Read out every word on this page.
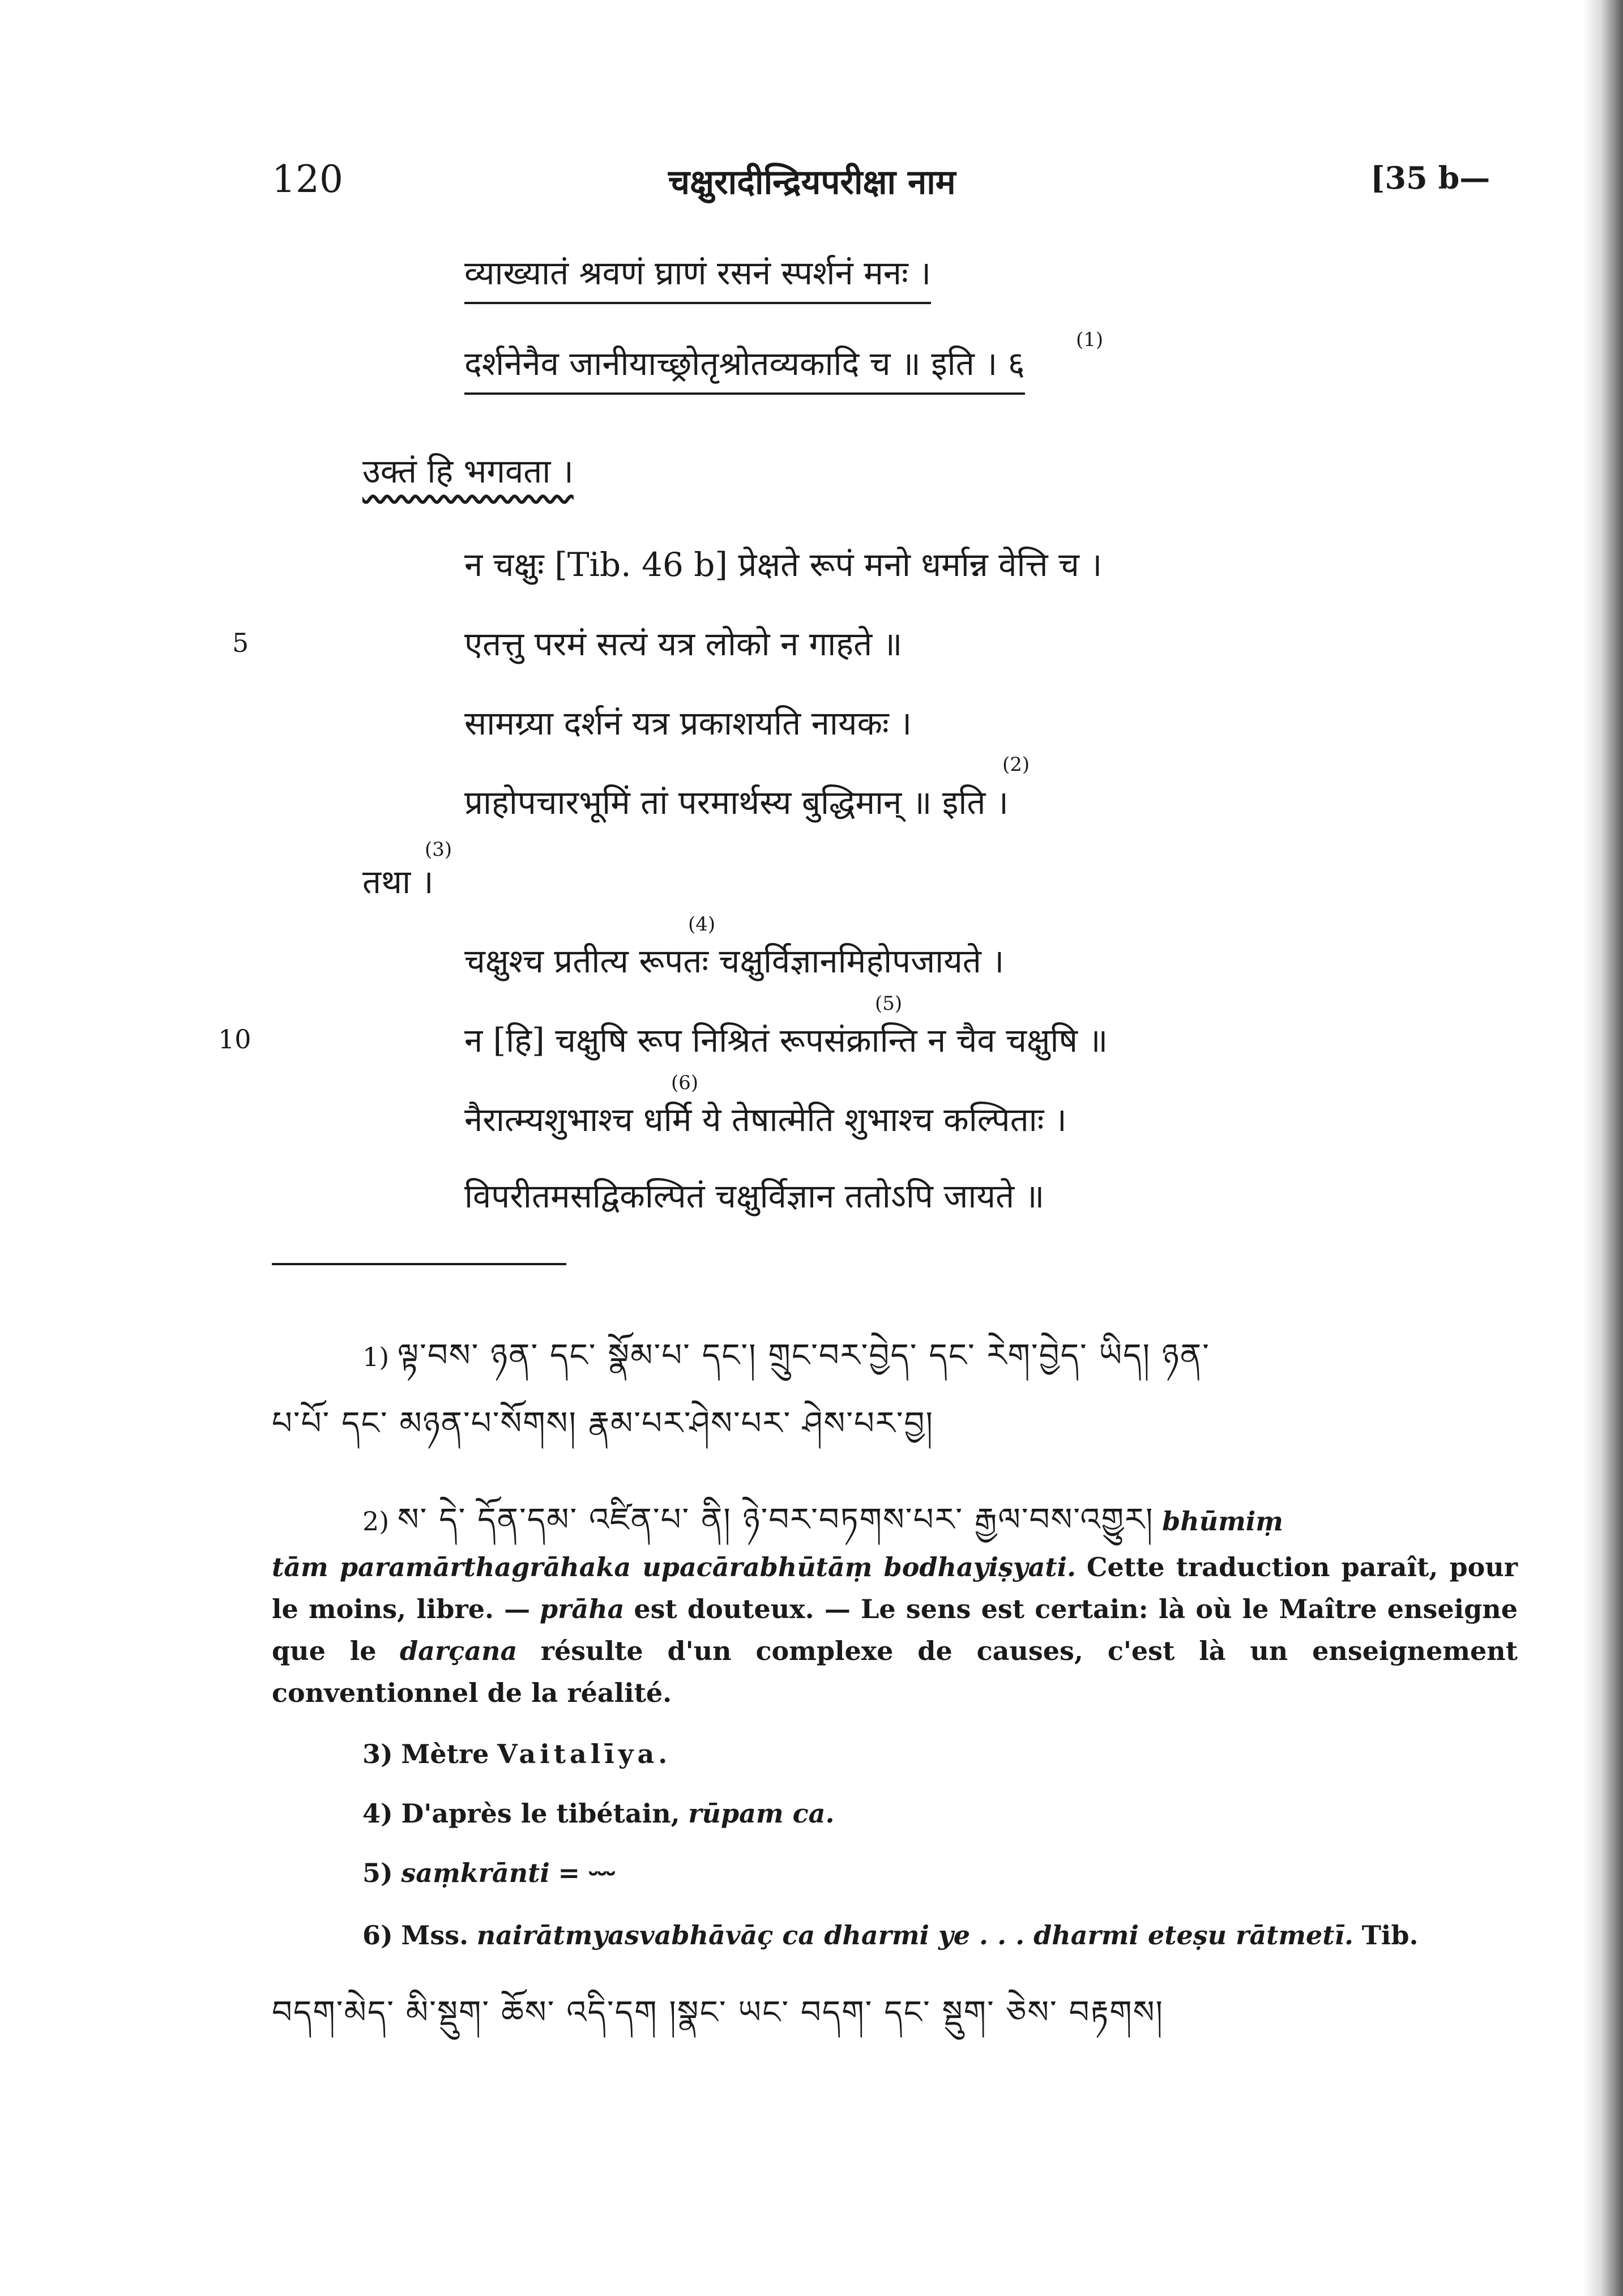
120	चक्षुरादीन्द्रियपरीक्षा नाम	[35 b—
व्याख्यातं श्रवणं घ्राणं रसनं स्पर्शनं मनः ।
दर्शनेनैव जानीयाच्छ्रोतृश्रोतव्यकादि च ॥ इति । ६
(1)
उक्तं हि भगवता ।
न चक्षुः [Tib. 46 b] प्रेक्षते रूपं मनो धर्मान्न वेत्ति च ।
एतत्तु परमं सत्यं यत्र लोको न गाहते ॥
5
सामग्र्या दर्शनं यत्र प्रकाशयति नायकः ।
प्राहोपचारभूमिं तां परमार्थस्य बुद्धिमान् ॥ इति ।
(2)
तथा ।
(3)
चक्षुश्च प्रतीत्य रूपतः चक्षुर्विज्ञानमिहोपजायते ।
(4)
न [हि] चक्षुषि रूप निश्रितं रूपसंक्रान्ति न चैव चक्षुषि ॥
(5)
10
नैरात्म्यशुभाश्च धर्मि ये तेषात्मेति शुभाश्च कल्पिताः ।
(6)
विपरीतमसद्विकल्पितं चक्षुर्विज्ञान ततोऽपि जायते ॥
1) ལྟ་བས་ ཉན་ དང་ སྣོམ་པ་ དང་། གྲུང་བར་བྱེད་ དང་ རེག་བྱེད་ ཡིད། ཉན་
པ་པོ་ དང་ མཉན་པ་སོགས། རྣམ་པར་ཤེས་པར་ ཤེས་པར་བྱ།
2) ས་ དེ་ དོན་དམ་ འཛིན་པ་ ནི། ཉེ་བར་བཏགས་པར་ རྒྱལ་བས་འགྱུར། bhūmiṃ
tām paramārthagrāhaka upacārabhūtāṃ bodhayiṣyati. Cette traduction paraît, pour le moins, libre. — prāha est douteux. — Le sens est certain: là où le Maître enseigne que le darçana résulte d'un complexe de causes, c'est là un enseignement conventionnel de la réalité.
3) Mètre Vaitalīya.
4) D'après le tibétain, rūpam ca.
5) saṃkrānti = ⏑⏑⏑
6) Mss. nairātmyasvabhāvāç ca dharmi ye . . . dharmi eteṣu rātmetī. Tib.
བདག་མེད་ མི་སྡུག་ ཆོས་ འདི་དག །སྣང་ ཡང་ བདག་ དང་ སྡུག་ ཅེས་ བརྟགས།
